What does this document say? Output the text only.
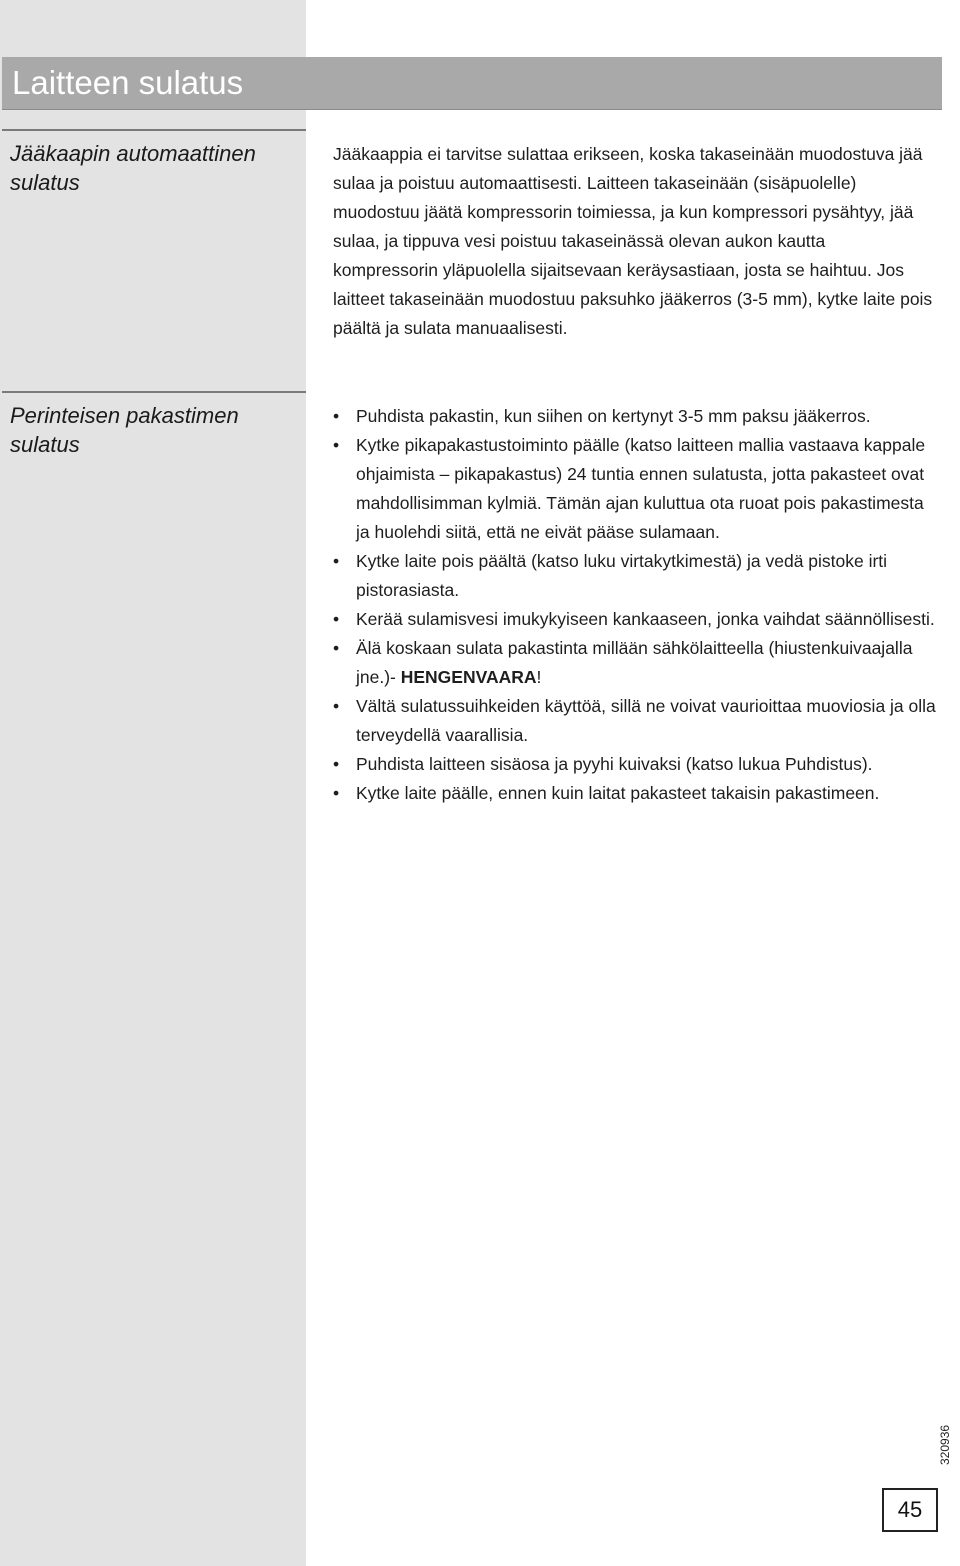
Laitteen sulatus
Jääkaapin automaattinen sulatus

Jääkaappia ei tarvitse sulattaa erikseen, koska takaseinään muodostuva jää sulaa ja poistuu automaattisesti. Laitteen takaseinään (sisäpuolelle) muodostuu jäätä kompressorin toimiessa, ja kun kompressori pysähtyy, jää sulaa, ja tippuva vesi poistuu takaseinässä olevan aukon kautta kompressorin yläpuolella sijaitsevaan keräysastiaan, josta se haihtuu. Jos laitteet takaseinään muodostuu paksuhko jääkerros (3-5 mm), kytke laite pois päältä ja sulata manuaalisesti.

Perinteisen pakastimen sulatus
• Puhdista pakastin, kun siihen on kertynyt 3-5 mm paksu jääkerros.
• Kytke pikapakastustoiminto päälle (katso laitteen mallia vastaava kappale ohjaimista – pikapakastus) 24 tuntia ennen sulatusta, jotta pakasteet ovat mahdollisimman kylmiä. Tämän ajan kuluttua ota ruoat pois pakastimesta ja huolehdi siitä, että ne eivät pääse sulamaan.
• Kytke laite pois päältä (katso luku virtakytkimestä) ja vedä pistoke irti pistorasiasta.
• Kerää sulamisvesi imukykyiseen kankaaseen, jonka vaihdat säännöllisesti.
• Älä koskaan sulata pakastinta millään sähkölaitteella (hiustenkuivaajalla jne.)- HENGENVAARA!
• Vältä sulatussuihkeiden käyttöä, sillä ne voivat vaurioittaa muoviosia ja olla terveydellä vaarallisia.
• Puhdista laitteen sisäosa ja pyyhi kuivaksi (katso lukua Puhdistus).
• Kytke laite päälle, ennen kuin laitat pakasteet takaisin pakastimeen.
320936
45
